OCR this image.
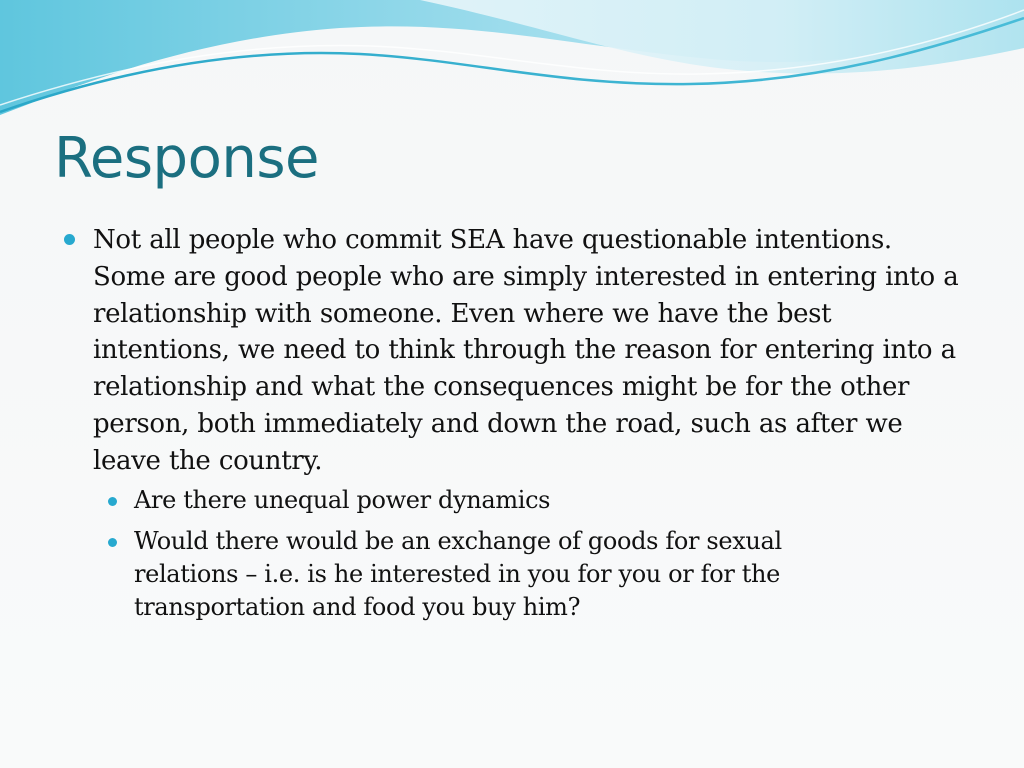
Response
Not all people who commit SEA have questionable intentions. Some are good people who are simply interested in entering into a relationship with someone. Even where we have the best intentions, we need to think through the reason for entering into a relationship and what the consequences might be for the other person, both immediately and down the road, such as after we leave the country.
Are there unequal power dynamics
Would there would be an exchange of goods for sexual relations – i.e. is he interested in you for you or for the transportation and food you buy him?
